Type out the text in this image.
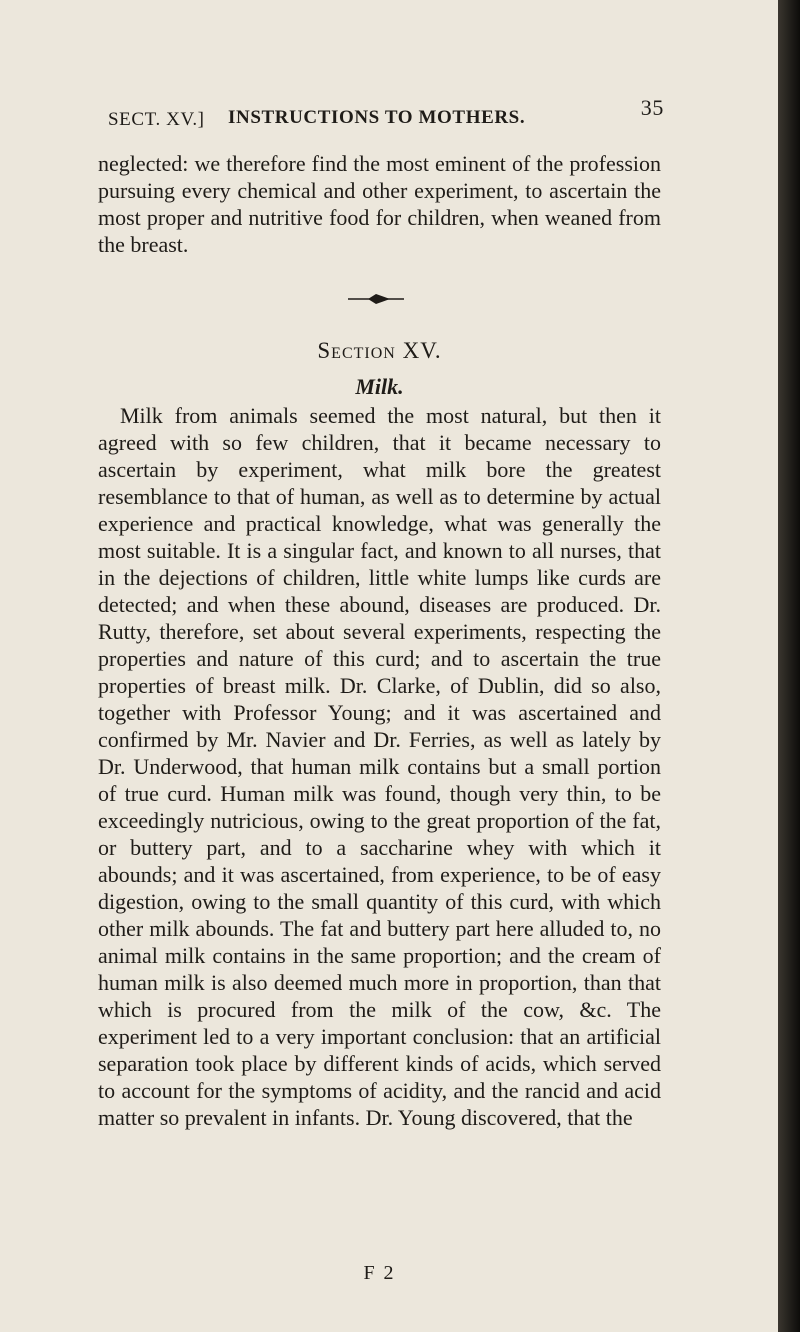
SECT. XV.] INSTRUCTIONS TO MOTHERS.	35

neglected: we therefore find the most eminent of the profession pursuing every chemical and other experiment, to ascertain the most proper and nutritive food for children, when weaned from the breast.

Section XV.
Milk.

Milk from animals seemed the most natural, but then it agreed with so few children, that it became necessary to ascertain by experiment, what milk bore the greatest resemblance to that of human, as well as to determine by actual experience and practical knowledge, what was generally the most suitable. It is a singular fact, and known to all nurses, that in the dejections of children, little white lumps like curds are detected; and when these abound, diseases are produced. Dr. Rutty, therefore, set about several experiments, respecting the properties and nature of this curd; and to ascertain the true properties of breast milk. Dr. Clarke, of Dublin, did so also, together with Professor Young; and it was ascertained and confirmed by Mr. Navier and Dr. Ferries, as well as lately by Dr. Underwood, that human milk contains but a small portion of true curd. Human milk was found, though very thin, to be exceedingly nutricious, owing to the great proportion of the fat, or buttery part, and to a saccharine whey with which it abounds; and it was ascertained, from experience, to be of easy digestion, owing to the small quantity of this curd, with which other milk abounds. The fat and buttery part here alluded to, no animal milk contains in the same proportion; and the cream of human milk is also deemed much more in proportion, than that which is procured from the milk of the cow, &c. The experiment led to a very important conclusion: that an artificial separation took place by different kinds of acids, which served to account for the symptoms of acidity, and the rancid and acid matter so prevalent in infants. Dr. Young discovered, that the

F 2
